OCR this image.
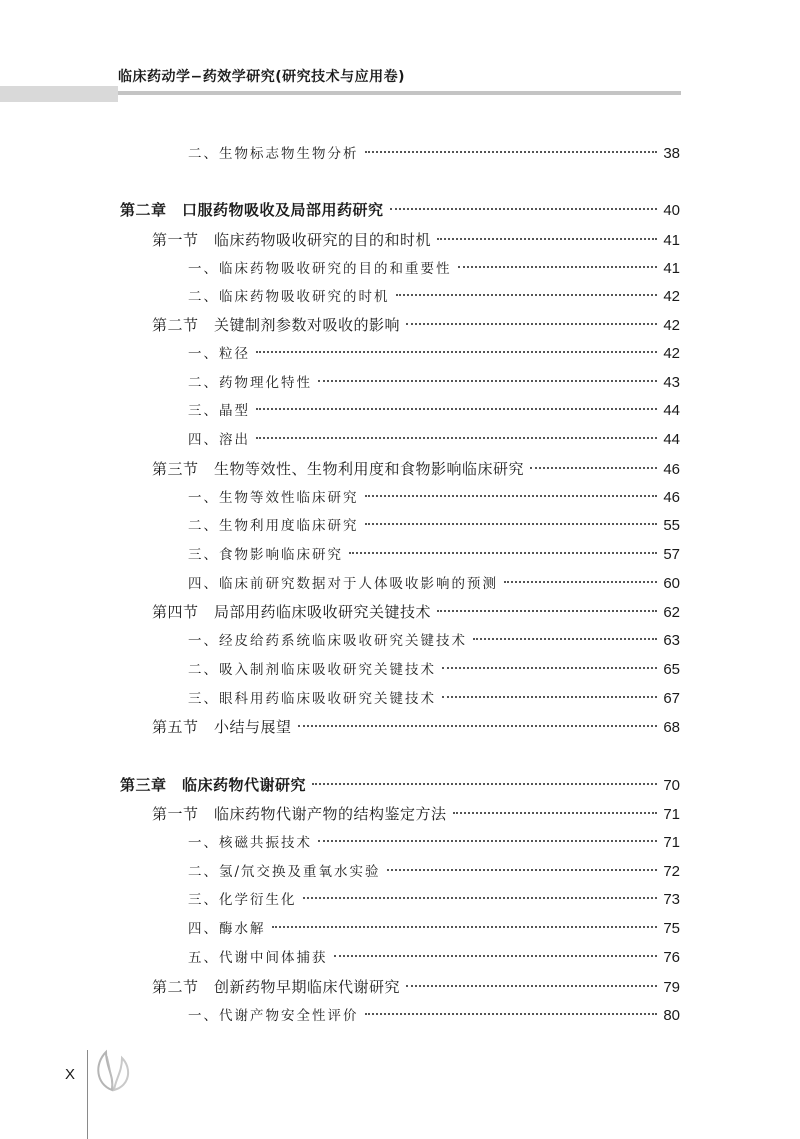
临床药动学−药效学研究(研究技术与应用卷)
二、生物标志物生物分析	38
第二章　口服药物吸收及局部用药研究	40
第一节　临床药物吸收研究的目的和时机	41
一、临床药物吸收研究的目的和重要性	41
二、临床药物吸收研究的时机	42
第二节　关键制剂参数对吸收的影响	42
一、粒径	42
二、药物理化特性	43
三、晶型	44
四、溶出	44
第三节　生物等效性、生物利用度和食物影响临床研究	46
一、生物等效性临床研究	46
二、生物利用度临床研究	55
三、食物影响临床研究	57
四、临床前研究数据对于人体吸收影响的预测	60
第四节　局部用药临床吸收研究关键技术	62
一、经皮给药系统临床吸收研究关键技术	63
二、吸入制剂临床吸收研究关键技术	65
三、眼科用药临床吸收研究关键技术	67
第五节　小结与展望	68
第三章　临床药物代谢研究	70
第一节　临床药物代谢产物的结构鉴定方法	71
一、核磁共振技术	71
二、氢/氘交换及重氧水实验	72
三、化学衍生化	73
四、酶水解	75
五、代谢中间体捕获	76
第二节　创新药物早期临床代谢研究	79
一、代谢产物安全性评价	80
X
